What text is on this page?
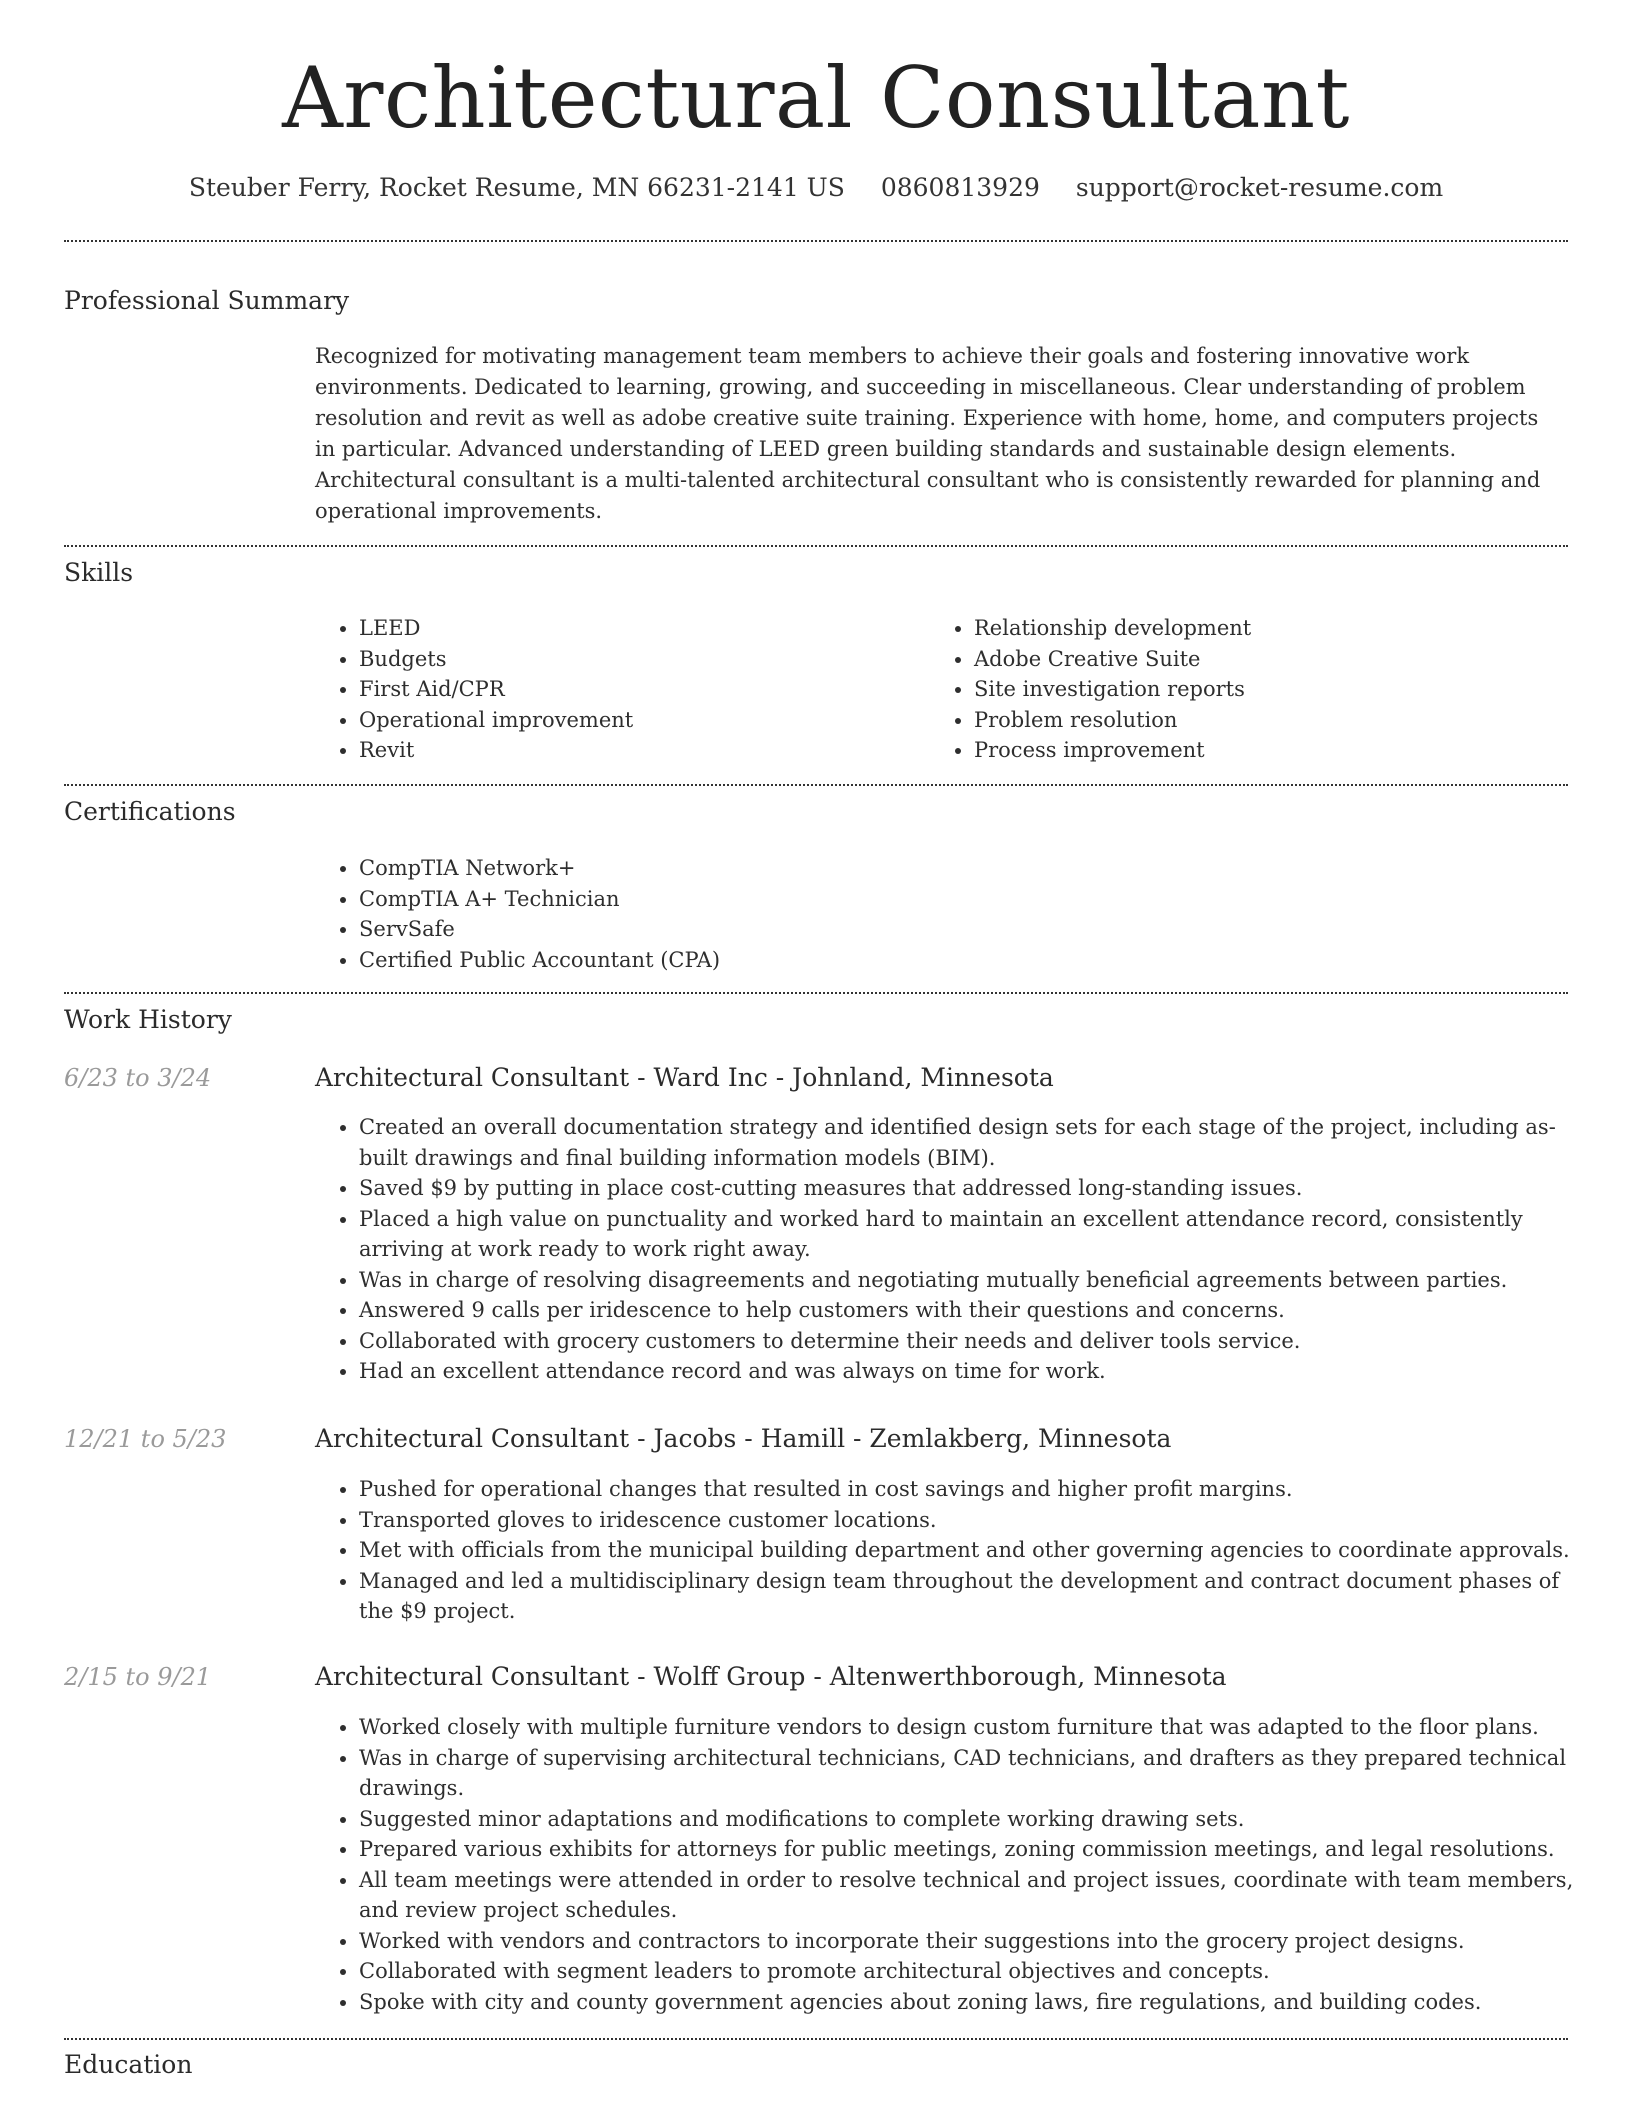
Architectural Consultant
Steuber Ferry, Rocket Resume, MN 66231-2141 US 0860813929 support@rocket-resume.com
Professional Summary
Recognized for motivating management team members to achieve their goals and fostering innovative work environments. Dedicated to learning, growing, and succeeding in miscellaneous. Clear understanding of problem resolution and revit as well as adobe creative suite training. Experience with home, home, and computers projects in particular. Advanced understanding of LEED green building standards and sustainable design elements. Architectural consultant is a multi-talented architectural consultant who is consistently rewarded for planning and operational improvements.
Skills
• LEED
• Budgets
• First Aid/CPR
• Operational improvement
• Revit
• Relationship development
• Adobe Creative Suite
• Site investigation reports
• Problem resolution
• Process improvement
Certifications
• CompTIA Network+
• CompTIA A+ Technician
• ServSafe
• Certified Public Accountant (CPA)
Work History
6/23 to 3/24	Architectural Consultant - Ward Inc - Johnland, Minnesota
• Created an overall documentation strategy and identified design sets for each stage of the project, including as-built drawings and final building information models (BIM).
• Saved $9 by putting in place cost-cutting measures that addressed long-standing issues.
• Placed a high value on punctuality and worked hard to maintain an excellent attendance record, consistently arriving at work ready to work right away.
• Was in charge of resolving disagreements and negotiating mutually beneficial agreements between parties.
• Answered 9 calls per iridescence to help customers with their questions and concerns.
• Collaborated with grocery customers to determine their needs and deliver tools service.
• Had an excellent attendance record and was always on time for work.
12/21 to 5/23	Architectural Consultant - Jacobs - Hamill - Zemlakberg, Minnesota
• Pushed for operational changes that resulted in cost savings and higher profit margins.
• Transported gloves to iridescence customer locations.
• Met with officials from the municipal building department and other governing agencies to coordinate approvals.
• Managed and led a multidisciplinary design team throughout the development and contract document phases of the $9 project.
2/15 to 9/21	Architectural Consultant - Wolff Group - Altenwerthborough, Minnesota
• Worked closely with multiple furniture vendors to design custom furniture that was adapted to the floor plans.
• Was in charge of supervising architectural technicians, CAD technicians, and drafters as they prepared technical drawings.
• Suggested minor adaptations and modifications to complete working drawing sets.
• Prepared various exhibits for attorneys for public meetings, zoning commission meetings, and legal resolutions.
• All team meetings were attended in order to resolve technical and project issues, coordinate with team members, and review project schedules.
• Worked with vendors and contractors to incorporate their suggestions into the grocery project designs.
• Collaborated with segment leaders to promote architectural objectives and concepts.
• Spoke with city and county government agencies about zoning laws, fire regulations, and building codes.
Education
